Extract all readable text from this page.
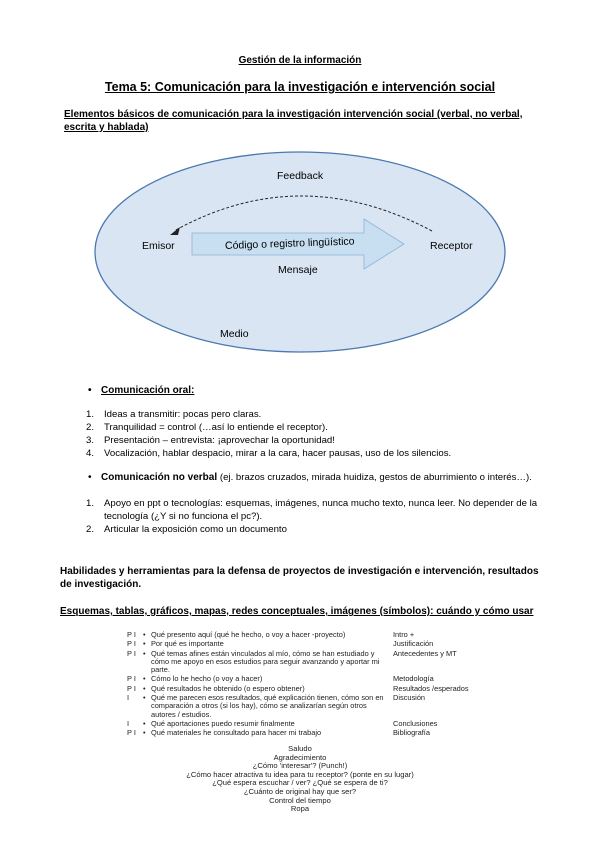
Gestión de la información
Tema 5: Comunicación para la investigación e intervención social
Elementos básicos de comunicación para la investigación intervención social (verbal, no verbal, escrita y hablada)
Feedback
Emisor	Código o registro lingüístico	Receptor
Mensaje
Medio
• Comunicación oral:
1. Ideas a transmitir: pocas pero claras.
2. Tranquilidad = control (…así lo entiende el receptor).
3. Presentación – entrevista: ¡aprovechar la oportunidad!
4. Vocalización, hablar despacio, mirar a la cara, hacer pausas, uso de los silencios.
• Comunicación no verbal (ej. brazos cruzados, mirada huidiza, gestos de aburrimiento o interés…).
1. Apoyo en ppt o tecnologías: esquemas, imágenes, nunca mucho texto, nunca leer. No depender de la tecnología (¿Y si no funciona el pc?).
2. Articular la exposición como un documento
Habilidades y herramientas para la defensa de proyectos de investigación e intervención, resultados de investigación.
Esquemas, tablas, gráficos, mapas, redes conceptuales, imágenes (símbolos): cuándo y cómo usar
P I	•	Qué presento aquí (qué he hecho, o voy a hacer -proyecto)	Intro +
P I	•	Por qué es importante	Justificación
P I	•	Qué temas afines están vinculados al mío, cómo se han estudiado y cómo me apoyo en esos estudios para seguir avanzando y aportar mi parte.	Antecedentes y MT
P I	•	Cómo lo he hecho (o voy a hacer)	Metodología
P I	•	Qué resultados he obtenido (o espero obtener)	Resultados /esperados
I	•	Qué me parecen esos resultados, qué explicación tienen, cómo son en comparación a otros (si los hay), cómo se analizarían según otros autores / estudios.	Discusión
I	•	Qué aportaciones puedo resumir finalmente	Conclusiones
P I	•	Qué materiales he consultado para hacer mi trabajo	Bibliografía
Saludo
Agradecimiento
¿Cómo 'interesar'? (Punch!)
¿Cómo hacer atractiva tu idea para tu receptor? (ponte en su lugar)
¿Qué espera escuchar / ver? ¿Qué se espera de ti?
¿Cuánto de original hay que ser?
Control del tiempo
Ropa
